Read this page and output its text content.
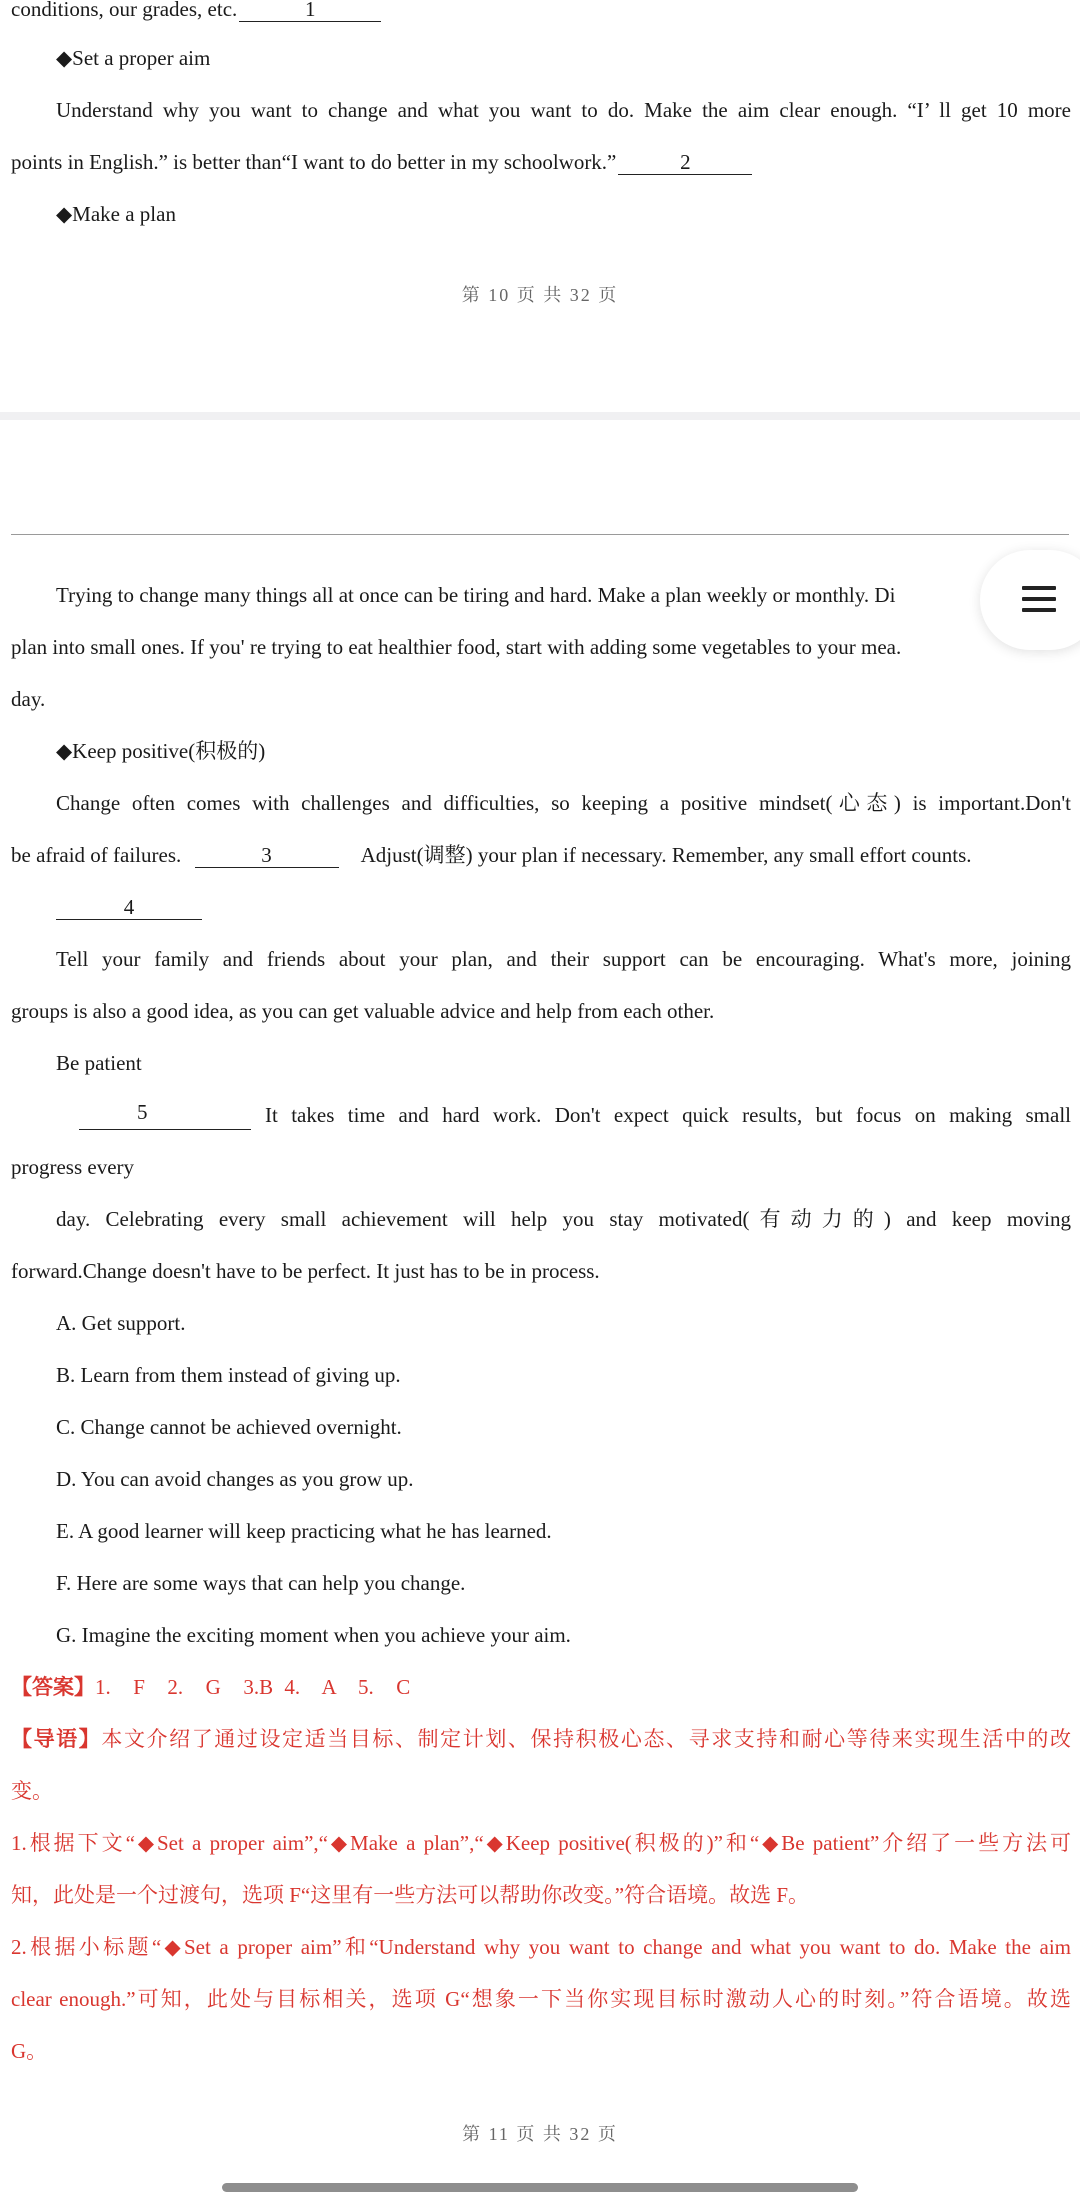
conditions, our grades, etc.	1
◆Set a proper aim
Understand why you want to change and what you want to do. Make the aim clear enough. “I’ ll get 10 more
points in English.” is better than“I want to do better in my schoolwork.”	2
◆Make a plan
第 10 页 共 32 页
Trying to change many things all at once can be tiring and hard. Make a plan weekly or monthly. Di
plan into small ones. If you' re trying to eat healthier food, start with adding some vegetables to your mea.
day.
◆Keep positive(积极的)
Change often comes with challenges and difficulties, so keeping a positive mindset(心态) is important.Don't
be afraid of failures.	3	Adjust(调整) your plan if necessary. Remember, any small effort counts.
4
Tell your family and friends about your plan, and their support can be encouraging. What's more, joining
groups is also a good idea, as you can get valuable advice and help from each other.
Be patient
5	It takes time and hard work. Don't expect quick results, but focus on making small
progress every
day. Celebrating every small achievement will help you stay motivated(有动力的) and keep moving
forward.Change doesn't have to be perfect. It just has to be in process.
A. Get support.
B. Learn from them instead of giving up.
C. Change cannot be achieved overnight.
D. You can avoid changes as you grow up.
E. A good learner will keep practicing what he has learned.
F. Here are some ways that can help you change.
G. Imagine the exciting moment when you achieve your aim.
【答案】1.  F  2.  G  3.B 4.  A  5.  C
【导语】本文介绍了通过设定适当目标、制定计划、保持积极心态、寻求支持和耐心等待来实现生活中的改
变。
1.根据下文“◆Set a proper aim”,“◆Make a plan”,“◆Keep positive(积极的)”和“◆Be patient”介绍了一些方法可
知，此处是一个过渡句，选项 F“这里有一些方法可以帮助你改变。”符合语境。故选 F。
2.根据小标题“◆Set a proper aim”和“Understand why you want to change and what you want to do. Make the aim
clear enough.”可知，此处与目标相关，选项 G“想象一下当你实现目标时激动人心的时刻。”符合语境。故选
G。
第 11 页 共 32 页
